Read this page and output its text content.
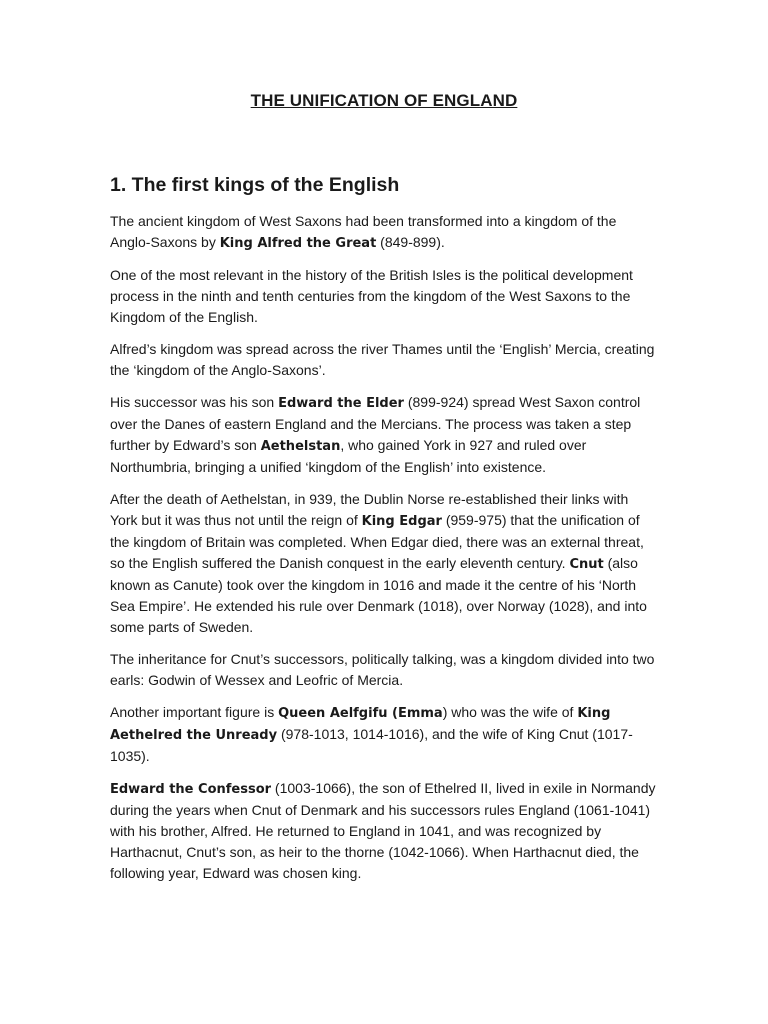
THE UNIFICATION OF ENGLAND
1. The first kings of the English

The ancient kingdom of West Saxons had been transformed into a kingdom of the Anglo-Saxons by King Alfred the Great (849-899).

One of the most relevant in the history of the British Isles is the political development process in the ninth and tenth centuries from the kingdom of the West Saxons to the Kingdom of the English.

Alfred’s kingdom was spread across the river Thames until the ‘English’ Mercia, creating the ‘kingdom of the Anglo-Saxons’.

His successor was his son Edward the Elder (899-924) spread West Saxon control over the Danes of eastern England and the Mercians. The process was taken a step further by Edward’s son Aethelstan, who gained York in 927 and ruled over Northumbria, bringing a unified ‘kingdom of the English’ into existence.

After the death of Aethelstan, in 939, the Dublin Norse re-established their links with York but it was thus not until the reign of King Edgar (959-975) that the unification of the kingdom of Britain was completed. When Edgar died, there was an external threat, so the English suffered the Danish conquest in the early eleventh century. Cnut (also known as Canute) took over the kingdom in 1016 and made it the centre of his ‘North Sea Empire’. He extended his rule over Denmark (1018), over Norway (1028), and into some parts of Sweden.

The inheritance for Cnut’s successors, politically talking, was a kingdom divided into two earls: Godwin of Wessex and Leofric of Mercia.

Another important figure is Queen Aelfgifu (Emma) who was the wife of King Aethelred the Unready (978-1013, 1014-1016), and the wife of King Cnut (1017-1035).

Edward the Confessor (1003-1066), the son of Ethelred II, lived in exile in Normandy during the years when Cnut of Denmark and his successors rules England (1061-1041) with his brother, Alfred. He returned to England in 1041, and was recognized by Harthacnut, Cnut’s son, as heir to the thorne (1042-1066). When Harthacnut died, the following year, Edward was chosen king.
